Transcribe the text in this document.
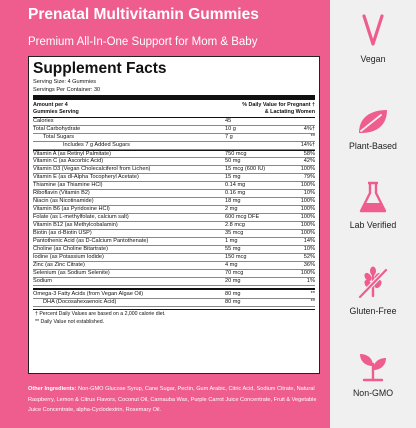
Prenatal Multivitamin Gummies
Premium All-In-One Support for Mom & Baby
Supplement Facts
Serving Size: 4 Gummies
Servings Per Container: 30
Amount per 4
Gummies Serving
% Daily Value for Pregnant †
& Lactating Women
Calories	45
Total Carbohydrate	10 g	4%†
Total Sugars	7 g	**
Includes 7 g Added Sugars	14%†
Vitamin A (as Retinyl Palmitate)	750 mcg	58%
Vitamin C (as Ascorbic Acid)	50 mg	42%
Vitamin D3 (Vegan Cholecalciferol from Lichen)	15 mcg (600 IU)	100%
Vitamin E (as dl-Alpha Tocopheryl Acetate)	15 mg	79%
Thiamine (as Thiamine HCl)	0.14 mg	100%
Riboflavin (Vitamin B2)	0.16 mg	10%
Niacin (as Nicotinamide)	18 mg	100%
Vitamin B6 (as Pyridoxine HCl)	2 mg	100%
Folate (as L-methylfolate, calcium salt)	600 mcg DFE	100%
Vitamin B12 (as Methylcobalamin)	2.8 mcg	100%
Biotin (as d-Biotin USP)	35 mcg	100%
Pantothenic Acid (as D-Calcium Pantothenate)	1 mg	14%
Choline (as Choline Bitartrate)	55 mg	10%
Iodine (as Potassium Iodide)	150 mcg	52%
Zinc (as Zinc Citrate)	4 mg	36%
Selenium (as Sodium Selenite)	70 mcg	100%
Sodium	20 mg	1%
Omega-3 Fatty Acids (from Vegan Algae Oil)	80 mg	**
DHA (Docosahexaenoic Acid)	80 mg	**
† Percent Daily Values are based on a 2,000 calorie diet.
** Daily Value not established.
Other Ingredients: Non-GMO Glucose Syrup, Cane Sugar, Pectin, Gum Arabic, Citric Acid, Sodium Citrate, Natural Raspberry, Lemon & Citrus Flavors, Coconut Oil, Carnauba Wax, Purple Carrot Juice Concentrate, Fruit & Vegetable Juice Concentrate, alpha-Cyclodextrin, Rosemary Oil.
Vegan
Plant-Based
Lab Verified
Gluten-Free
Non-GMO
